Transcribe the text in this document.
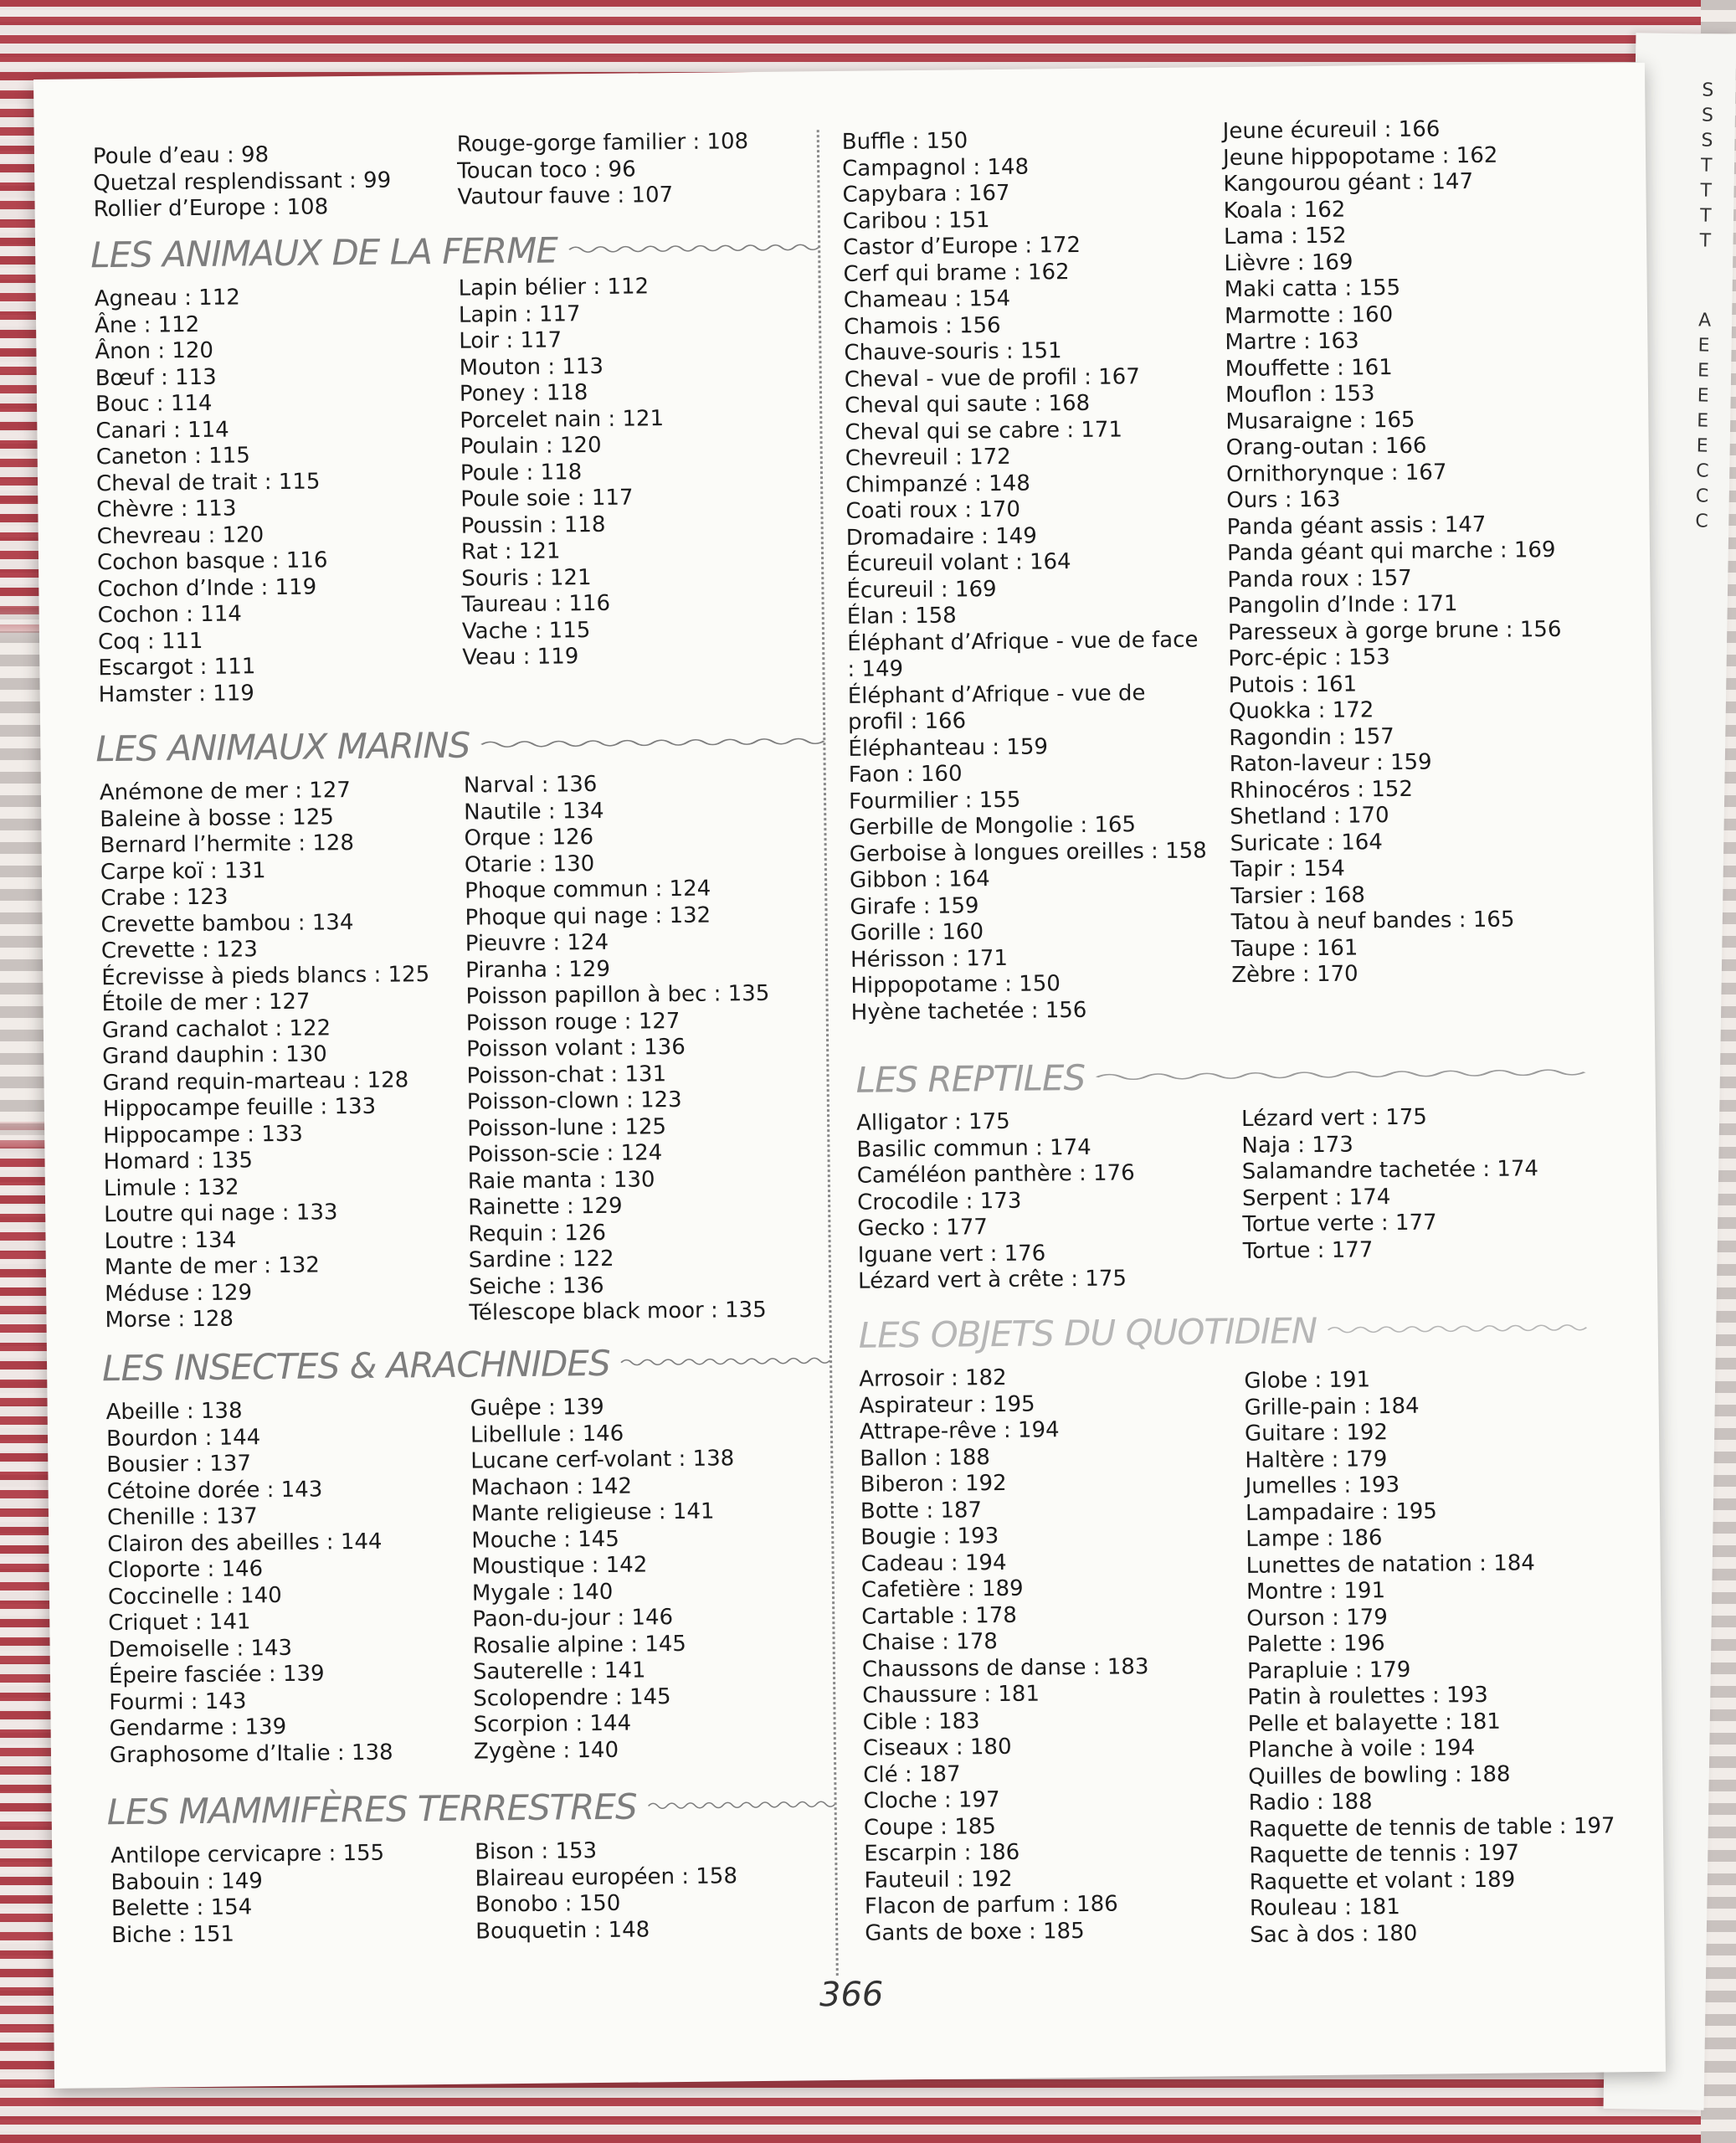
S
S
S
T
T
T
T
A
E
E
E
E
E
C
C
C
Poule d’eau : 98
Quetzal resplendissant : 99
Rollier d’Europe : 108
Rouge-gorge familier : 108
Toucan toco : 96
Vautour fauve : 107
LES ANIMAUX DE LA FERME
Agneau : 112
Âne : 112
Ânon : 120
Bœuf : 113
Bouc : 114
Canari : 114
Caneton : 115
Cheval de trait : 115
Chèvre : 113
Chevreau : 120
Cochon basque : 116
Cochon d’Inde : 119
Cochon : 114
Coq : 111
Escargot : 111
Hamster : 119
Lapin bélier : 112
Lapin : 117
Loir : 117
Mouton : 113
Poney : 118
Porcelet nain : 121
Poulain : 120
Poule : 118
Poule soie : 117
Poussin : 118
Rat : 121
Souris : 121
Taureau : 116
Vache : 115
Veau : 119
LES ANIMAUX MARINS
Anémone de mer : 127
Baleine à bosse : 125
Bernard l’hermite : 128
Carpe koï : 131
Crabe : 123
Crevette bambou : 134
Crevette : 123
Écrevisse à pieds blancs : 125
Étoile de mer : 127
Grand cachalot : 122
Grand dauphin : 130
Grand requin-marteau : 128
Hippocampe feuille : 133
Hippocampe : 133
Homard : 135
Limule : 132
Loutre qui nage : 133
Loutre : 134
Mante de mer : 132
Méduse : 129
Morse : 128
Narval : 136
Nautile : 134
Orque : 126
Otarie : 130
Phoque commun : 124
Phoque qui nage : 132
Pieuvre : 124
Piranha : 129
Poisson papillon à bec : 135
Poisson rouge : 127
Poisson volant : 136
Poisson-chat : 131
Poisson-clown : 123
Poisson-lune : 125
Poisson-scie : 124
Raie manta : 130
Rainette : 129
Requin : 126
Sardine : 122
Seiche : 136
Télescope black moor : 135
LES INSECTES & ARACHNIDES
Abeille : 138
Bourdon : 144
Bousier : 137
Cétoine dorée : 143
Chenille : 137
Clairon des abeilles : 144
Cloporte : 146
Coccinelle : 140
Criquet : 141
Demoiselle : 143
Épeire fasciée : 139
Fourmi : 143
Gendarme : 139
Graphosome d’Italie : 138
Guêpe : 139
Libellule : 146
Lucane cerf-volant : 138
Machaon : 142
Mante religieuse : 141
Mouche : 145
Moustique : 142
Mygale : 140
Paon-du-jour : 146
Rosalie alpine : 145
Sauterelle : 141
Scolopendre : 145
Scorpion : 144
Zygène : 140
LES MAMMIFÈRES TERRESTRES
Antilope cervicapre : 155
Babouin : 149
Belette : 154
Biche : 151
Bison : 153
Blaireau européen : 158
Bonobo : 150
Bouquetin : 148
Buffle : 150
Campagnol : 148
Capybara : 167
Caribou : 151
Castor d’Europe : 172
Cerf qui brame : 162
Chameau : 154
Chamois : 156
Chauve-souris : 151
Cheval - vue de profil : 167
Cheval qui saute : 168
Cheval qui se cabre : 171
Chevreuil : 172
Chimpanzé : 148
Coati roux : 170
Dromadaire : 149
Écureuil volant : 164
Écureuil : 169
Élan : 158
Éléphant d’Afrique - vue de face : 149
Éléphant d’Afrique - vue de profil : 166
Éléphanteau : 159
Faon : 160
Fourmilier : 155
Gerbille de Mongolie : 165
Gerboise à longues oreilles : 158
Gibbon : 164
Girafe : 159
Gorille : 160
Hérisson : 171
Hippopotame : 150
Hyène tachetée : 156
Jeune écureuil : 166
Jeune hippopotame : 162
Kangourou géant : 147
Koala : 162
Lama : 152
Lièvre : 169
Maki catta : 155
Marmotte : 160
Martre : 163
Mouffette : 161
Mouflon : 153
Musaraigne : 165
Orang-outan : 166
Ornithorynque : 167
Ours : 163
Panda géant assis : 147
Panda géant qui marche : 169
Panda roux : 157
Pangolin d’Inde : 171
Paresseux à gorge brune : 156
Porc-épic : 153
Putois : 161
Quokka : 172
Ragondin : 157
Raton-laveur : 159
Rhinocéros : 152
Shetland : 170
Suricate : 164
Tapir : 154
Tarsier : 168
Tatou à neuf bandes : 165
Taupe : 161
Zèbre : 170
LES REPTILES
Alligator : 175
Basilic commun : 174
Caméléon panthère : 176
Crocodile : 173
Gecko : 177
Iguane vert : 176
Lézard vert à crête : 175
Lézard vert : 175
Naja : 173
Salamandre tachetée : 174
Serpent : 174
Tortue verte : 177
Tortue : 177
LES OBJETS DU QUOTIDIEN
Arrosoir : 182
Aspirateur : 195
Attrape-rêve : 194
Ballon : 188
Biberon : 192
Botte : 187
Bougie : 193
Cadeau : 194
Cafetière : 189
Cartable : 178
Chaise : 178
Chaussons de danse : 183
Chaussure : 181
Cible : 183
Ciseaux : 180
Clé : 187
Cloche : 197
Coupe : 185
Escarpin : 186
Fauteuil : 192
Flacon de parfum : 186
Gants de boxe : 185
Globe : 191
Grille-pain : 184
Guitare : 192
Haltère : 179
Jumelles : 193
Lampadaire : 195
Lampe : 186
Lunettes de natation : 184
Montre : 191
Ourson : 179
Palette : 196
Parapluie : 179
Patin à roulettes : 193
Pelle et balayette : 181
Planche à voile : 194
Quilles de bowling : 188
Radio : 188
Raquette de tennis de table : 197
Raquette de tennis : 197
Raquette et volant : 189
Rouleau : 181
Sac à dos : 180
366
